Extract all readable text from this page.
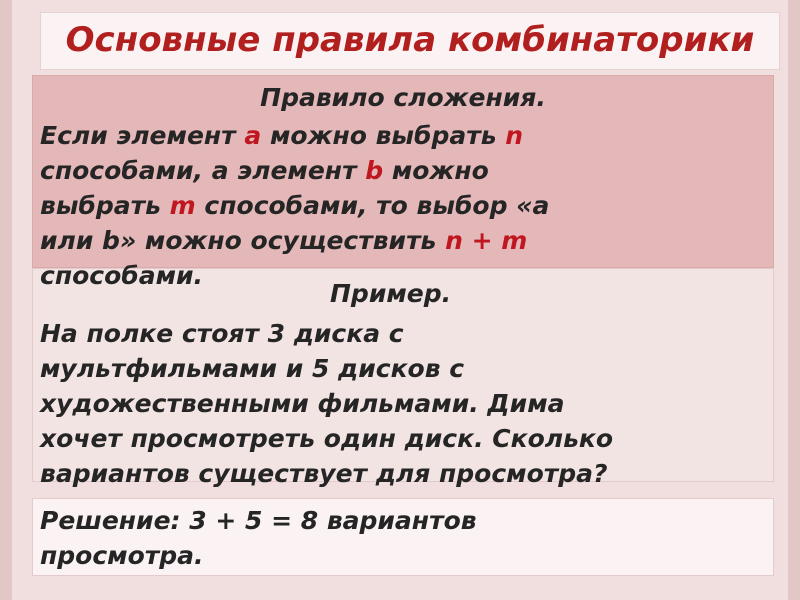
Основные правила комбинаторики

Правило сложения.

Если элемент a можно выбрать n

способами, а элемент b можно

выбрать m способами, то выбор «а

или b» можно осуществить n + m

способами.

Пример.

На полке стоят 3 диска с

мультфильмами и 5 дисков с

художественными фильмами. Дима

хочет просмотреть один диск. Сколько

вариантов существует для просмотра?

Решение: 3 + 5 = 8 вариантов

просмотра.
